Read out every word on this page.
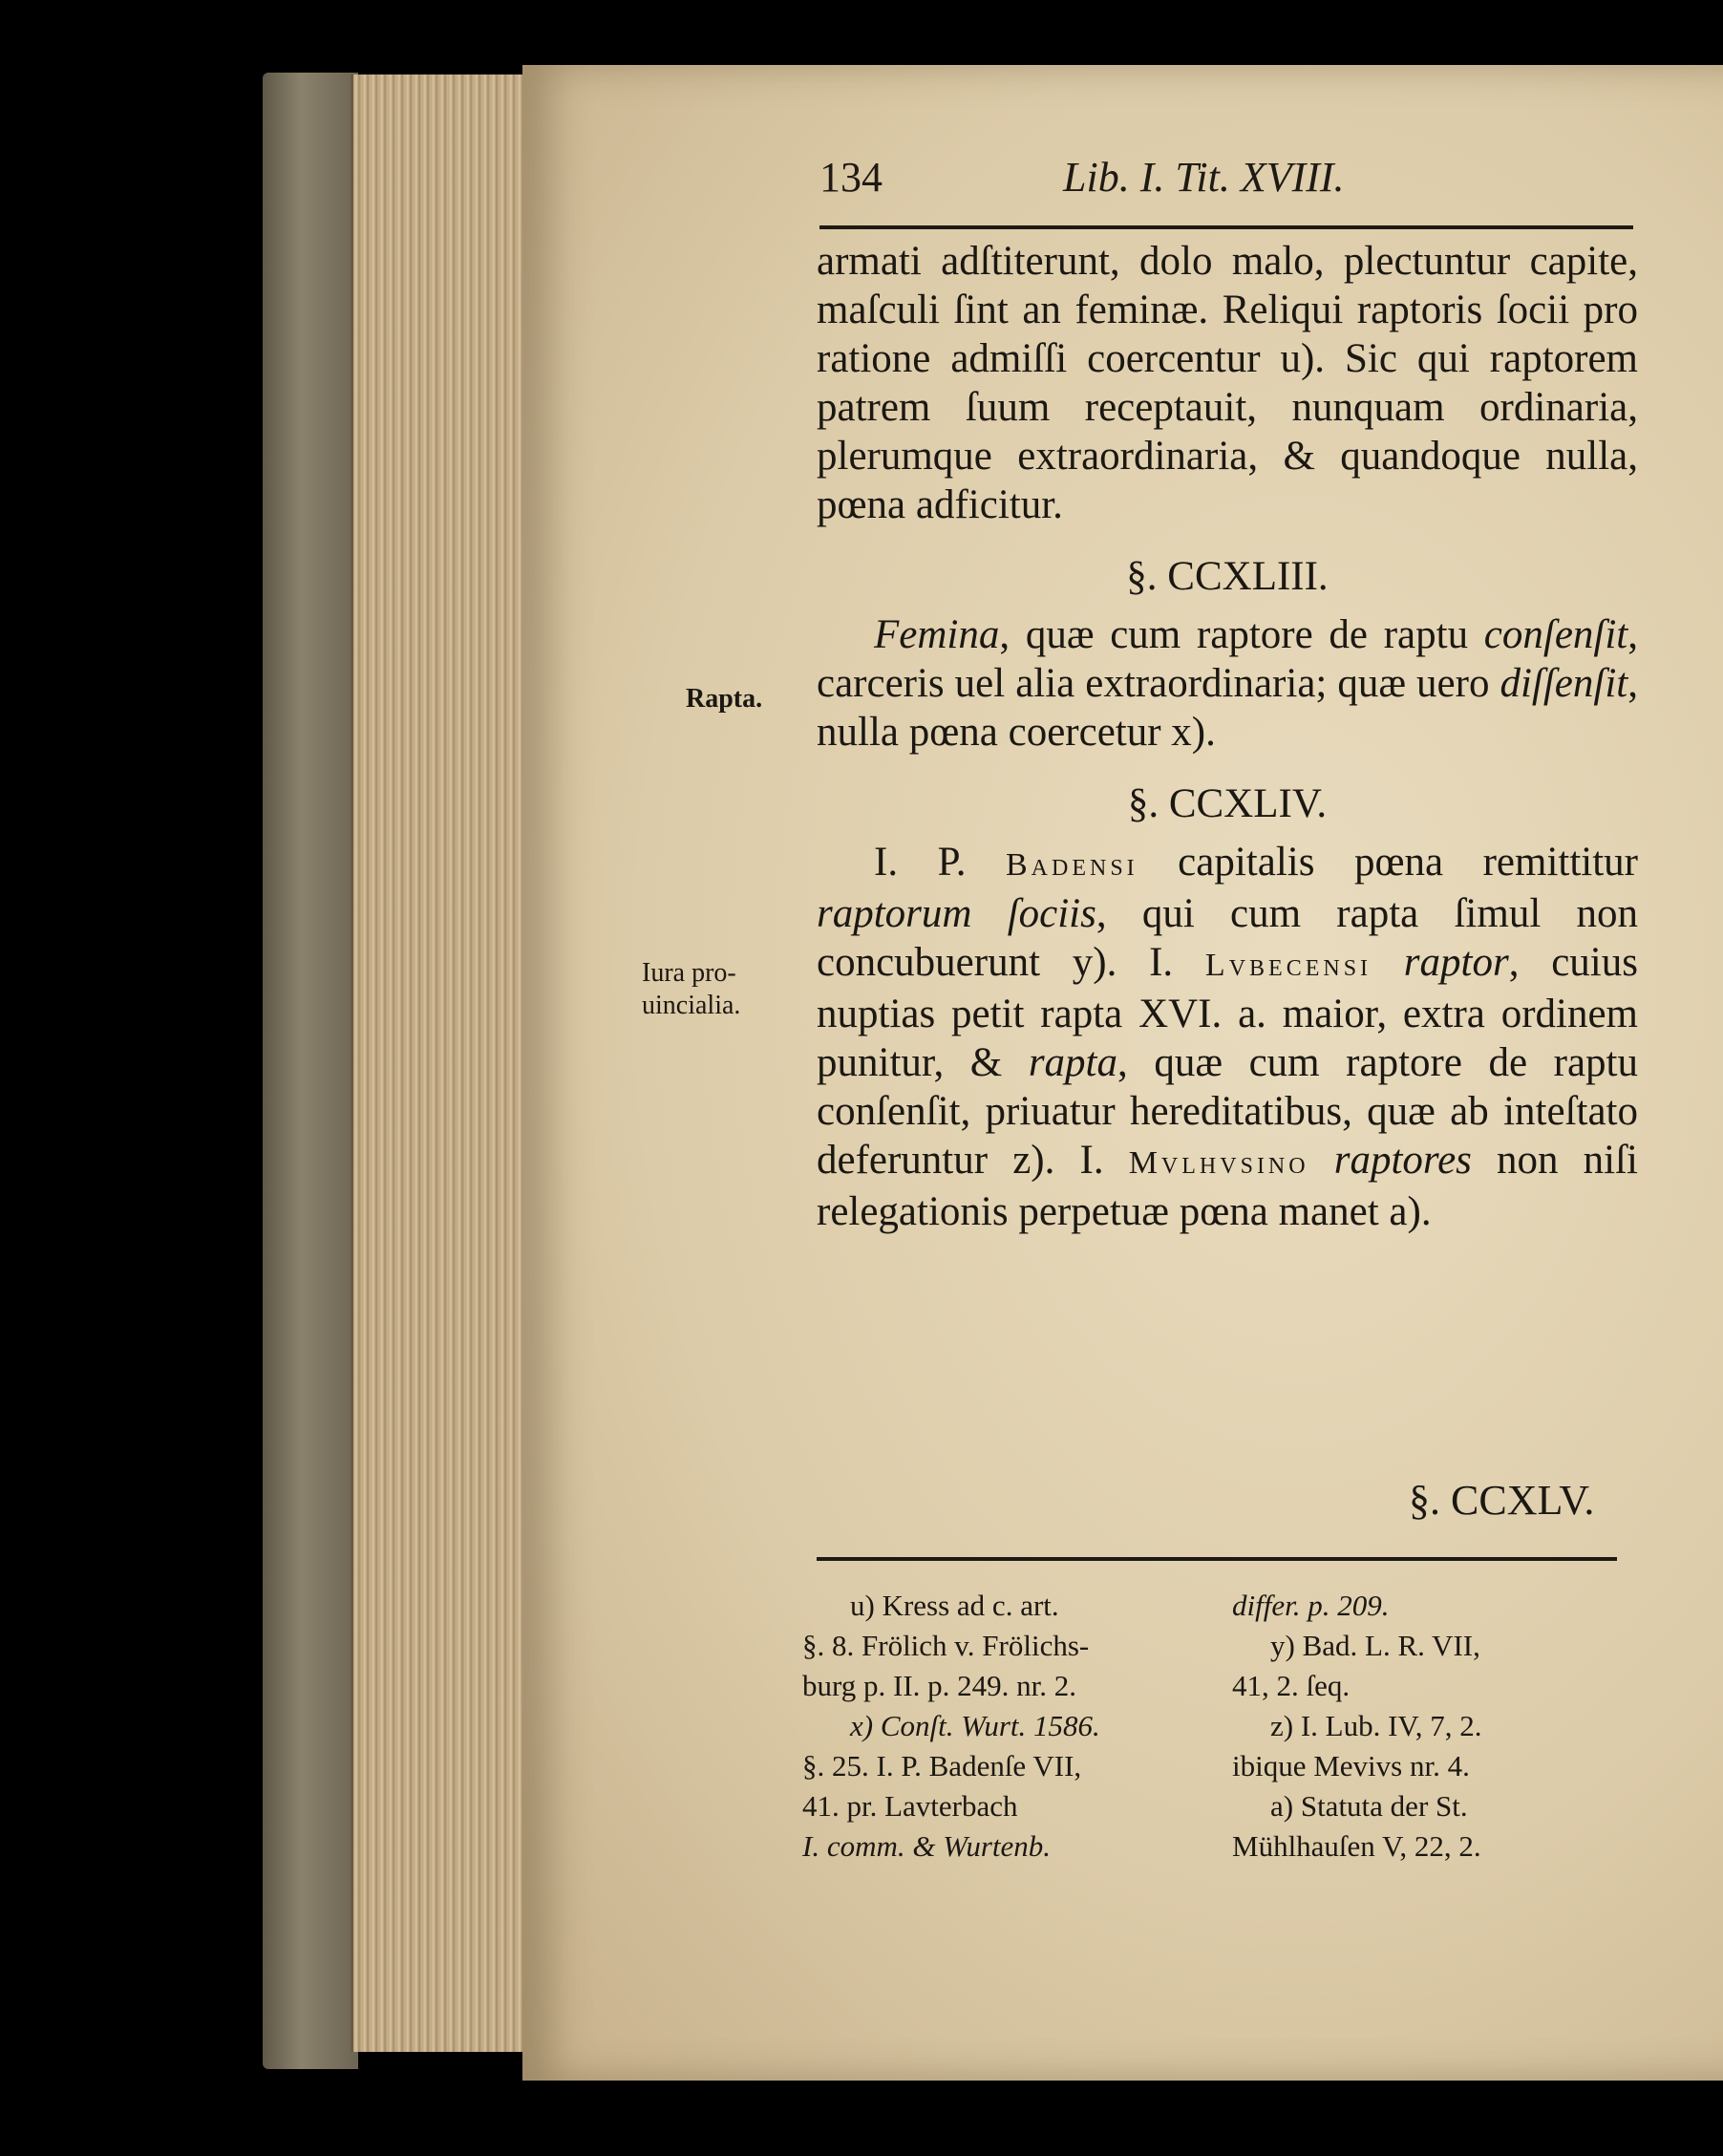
134	Lib. I. Tit. XVIII.
Rapta.
Iura pro-
uincialia.

armati adſtiterunt, dolo malo, plectuntur capite, maſculi ſint an feminæ. Reliqui raptoris ſocii pro ratione admiſſi coercentur u). Sic qui raptorem patrem ſuum receptauit, nunquam ordinaria, plerumque extraordinaria, & quandoque nulla, pœna adficitur.

§. CCXLIII.

Femina, quæ cum raptore de raptu conſenſit, carceris uel alia extraordinaria; quæ uero diſſenſit, nulla pœna coercetur x).

§. CCXLIV.

I. P. Badensi capitalis pœna remittitur raptorum ſociis, qui cum rapta ſimul non concubuerunt y). I. Lvbecensi raptor, cuius nuptias petit rapta XVI. a. maior, extra ordinem punitur, & rapta, quæ cum raptore de raptu conſenſit, priuatur hereditatibus, quæ ab inteſtato deferuntur z). I. Mvlhvsino raptores non niſi relegationis perpetuæ pœna manet a).

§. CCXLV.

u) Kress ad c. art.

§. 8. Frölich v. Frölichs-

burg p. II. p. 249. nr. 2.

x) Conſt. Wurt. 1586.

§. 25. I. P. Badenſe VII,

41. pr. Lavterbach

I. comm. & Wurtenb.

differ. p. 209.

y) Bad. L. R. VII,

41, 2. ſeq.

z) I. Lub. IV, 7, 2.

ibique Mevivs nr. 4.

a) Statuta der St.

Mühlhauſen V, 22, 2.
